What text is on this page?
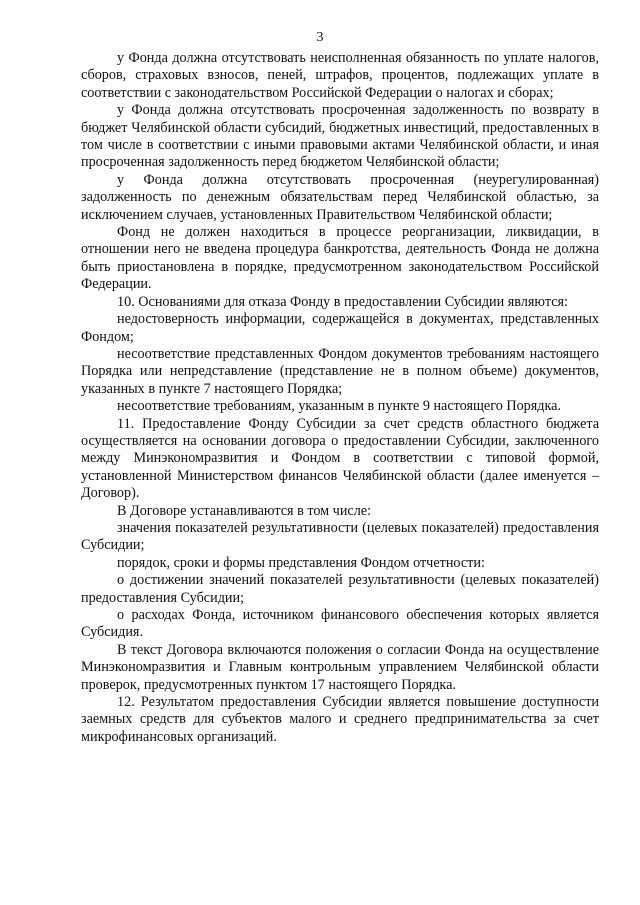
3

у Фонда должна отсутствовать неисполненная обязанность по уплате налогов, сборов, страховых взносов, пеней, штрафов, процентов, подлежащих уплате в соответствии с законодательством Российской Федерации о налогах и сборах;

у Фонда должна отсутствовать просроченная задолженность по возврату в бюджет Челябинской области субсидий, бюджетных инвестиций, предоставленных в том числе в соответствии с иными правовыми актами Челябинской области, и иная просроченная задолженность перед бюджетом Челябинской области;

у Фонда должна отсутствовать просроченная (неурегулированная) задолженность по денежным обязательствам перед Челябинской областью, за исключением случаев, установленных Правительством Челябинской области;

Фонд не должен находиться в процессе реорганизации, ликвидации, в отношении него не введена процедура банкротства, деятельность Фонда не должна быть приостановлена в порядке, предусмотренном законодательством Российской Федерации.

10. Основаниями для отказа Фонду в предоставлении Субсидии являются:

недостоверность информации, содержащейся в документах, представленных Фондом;

несоответствие представленных Фондом документов требованиям настоящего Порядка или непредставление (представление не в полном объеме) документов, указанных в пункте 7 настоящего Порядка;

несоответствие требованиям, указанным в пункте 9 настоящего Порядка.

11. Предоставление Фонду Субсидии за счет средств областного бюджета осуществляется на основании договора о предоставлении Субсидии, заключенного между Минэкономразвития и Фондом в соответствии с типовой формой, установленной Министерством финансов Челябинской области (далее именуется – Договор).

В Договоре устанавливаются в том числе:

значения показателей результативности (целевых показателей) предоставления Субсидии;

порядок, сроки и формы представления Фондом отчетности:

о достижении значений показателей результативности (целевых показателей) предоставления Субсидии;

о расходах Фонда, источником финансового обеспечения которых является Субсидия.

В текст Договора включаются положения о согласии Фонда на осуществление Минэкономразвития и Главным контрольным управлением Челябинской области проверок, предусмотренных пунктом 17 настоящего Порядка.

12. Результатом предоставления Субсидии является повышение доступности заемных средств для субъектов малого и среднего предпринимательства за счет микрофинансовых организаций.
